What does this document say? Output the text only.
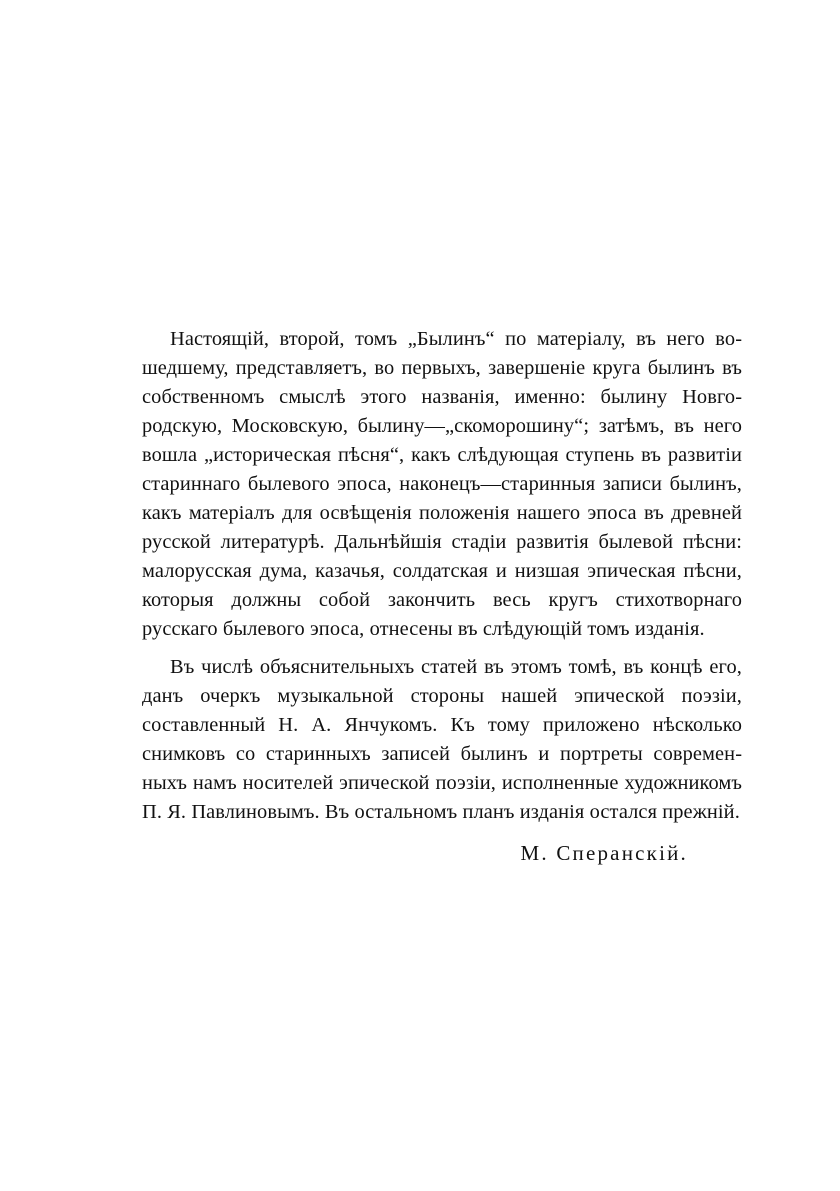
Настоящій, второй, томъ „Былинъ“ по матеріалу, въ него вошедшему, представляетъ, во первыхъ, завершеніе круга былинъ въ собственномъ смыслѣ этого названія, именно: былину Новгородскую, Московскую, былину—„скоморошину“; затѣмъ, въ него вошла „историческая пѣсня“, какъ слѣдующая ступень въ развитіи стариннаго былевого эпоса, наконецъ—старинныя записи былинъ, какъ матеріалъ для освѣщенія положенія нашего эпоса въ древней русской литературѣ. Дальнѣйшія стадіи развитія былевой пѣсни: малорусская дума, казачья, солдатская и низшая эпическая пѣсни, которыя должны собой закончить весь кругъ стихотворнаго русскаго былевого эпоса, отнесены въ слѣдующій томъ изданія.

Въ числѣ объяснительныхъ статей въ этомъ томѣ, въ концѣ его, данъ очеркъ музыкальной стороны нашей эпической поэзіи, составленный Н. А. Янчукомъ. Къ тому приложено нѣсколько снимковъ со старинныхъ записей былинъ и портреты современныхъ намъ носителей эпической поэзіи, исполненные художникомъ П. Я. Павлиновымъ. Въ остальномъ планъ изданія остался прежній.

М. Сперанскій.
